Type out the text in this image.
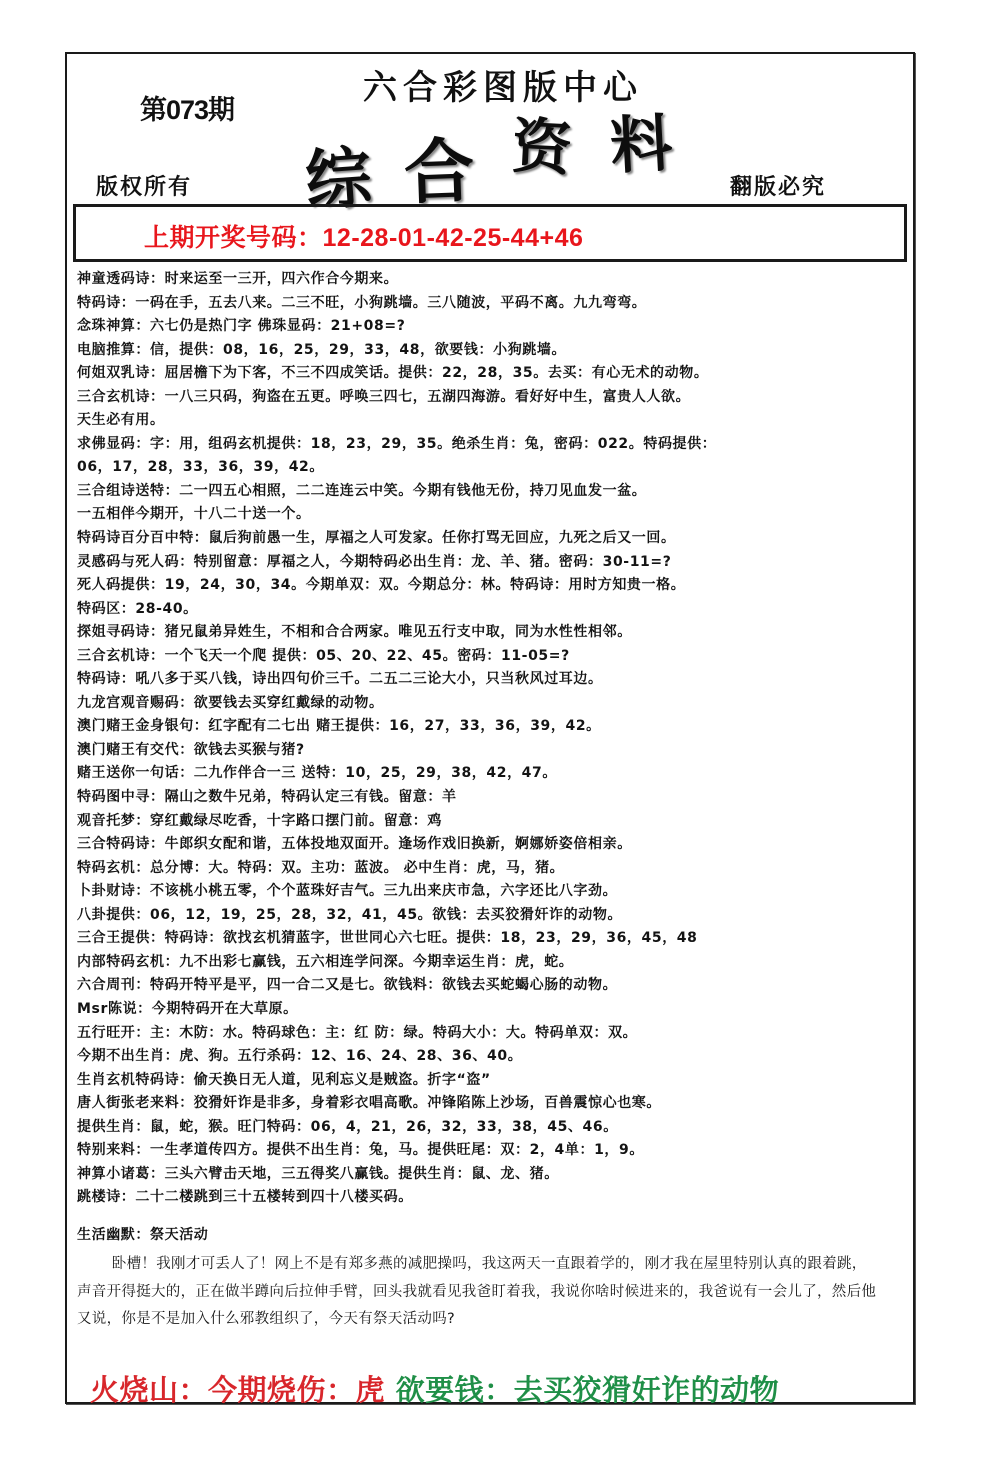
第073期
六合彩图版中心
综 合 资 料
版权所有	翻版必究
上期开奖号码：12-28-01-42-25-44+46
神童透码诗：时来运至一三开，四六作合今期来。
特码诗：一码在手，五去八来。二三不旺，小狗跳墙。三八随波，平码不离。九九弯弯。
念珠神算：六七仍是热门字 佛珠显码：21+08=?
电脑推算：信，提供：08，16，25，29，33，48，欲要钱：小狗跳墙。
何姐双乳诗：屈居檐下为下客，不三不四成笑话。提供：22，28，35。去买：有心无术的动物。
三合玄机诗：一八三只码，狗盗在五更。呼唤三四七，五湖四海游。看好好中生，富贵人人欲。
天生必有用。
求佛显码：字：用，组码玄机提供：18，23，29，35。绝杀生肖：兔，密码：022。特码提供：
06，17，28，33，36，39，42。
三合组诗送特：二一四五心相照，二二连连云中笑。今期有钱他无份，持刀见血发一盆。
一五相伴今期开，十八二十送一个。
特码诗百分百中特：鼠后狗前愚一生，厚福之人可发家。任你打骂无回应，九死之后又一回。
灵感码与死人码：特别留意：厚福之人，今期特码必出生肖：龙、羊、猪。密码：30-11=?
死人码提供：19，24，30，34。今期单双：双。今期总分：林。特码诗：用时方知贵一格。
特码区：28-40。
探姐寻码诗：猪兄鼠弟异姓生，不相和合合两家。唯见五行支中取，同为水性性相邻。
三合玄机诗：一个飞天一个爬 提供：05、20、22、45。密码：11-05=?
特码诗：吼八多于买八钱，诗出四句价三千。二五二三论大小，只当秋风过耳边。
九龙宫观音赐码：欲要钱去买穿红戴绿的动物。
澳门赌王金身银句：红字配有二七出 赌王提供：16，27，33，36，39，42。
澳门赌王有交代：欲钱去买猴与猪?
赌王送你一句话：二九作伴合一三 送特：10，25，29，38，42，47。
特码图中寻：隔山之数牛兄弟，特码认定三有钱。留意：羊
观音托梦：穿红戴绿尽吃香，十字路口摆门前。留意：鸡
三合特码诗：牛郎织女配和谐，五体投地双面开。逢场作戏旧换新，婀娜娇姿倍相亲。
特码玄机：总分博：大。特码：双。主功：蓝波。 必中生肖：虎，马，猪。
卜卦财诗：不该桃小桃五零，个个蓝珠好吉气。三九出来庆市急，六字还比八字劲。
八卦提供：06，12，19，25，28，32，41，45。欲钱：去买狡猾奸诈的动物。
三合王提供：特码诗：欲找玄机猜蓝字，世世同心六七旺。提供：18，23，29，36，45，48
内部特码玄机：九不出彩七赢钱，五六相连学问深。今期幸运生肖：虎，蛇。
六合周刊：特码开特平是平，四一合二又是七。欲钱料：欲钱去买蛇蝎心肠的动物。
Msr陈说：今期特码开在大草原。
五行旺开：主：木防：水。特码球色：主：红 防：绿。特码大小：大。特码单双：双。
今期不出生肖：虎、狗。五行杀码：12、16、24、28、36、40。
生肖玄机特码诗：偷天换日无人道，见利忘义是贼盗。折字“盗”
唐人街张老来料：狡猾奸诈是非多，身着彩衣唱高歌。冲锋陷陈上沙场，百兽震惊心也寒。
提供生肖：鼠，蛇，猴。旺门特码：06，4，21，26，32，33，38，45、46。
特别来料：一生孝道传四方。提供不出生肖：兔，马。提供旺尾：双：2，4单：1，9。
神算小诸葛：三头六臂击天地，三五得奖八赢钱。提供生肖：鼠、龙、猪。
跳楼诗：二十二楼跳到三十五楼转到四十八楼买码。
生活幽默：祭天活动

卧槽！我刚才可丢人了！网上不是有郑多燕的减肥操吗，我这两天一直跟着学的，刚才我在屋里特别认真的跟着跳，声音开得挺大的，正在做半蹲向后拉伸手臂，回头我就看见我爸盯着我，我说你啥时候进来的，我爸说有一会儿了，然后他又说，你是不是加入什么邪教组织了，今天有祭天活动吗?

火烧山：今期烧伤：虎 欲要钱：去买狡猾奸诈的动物
